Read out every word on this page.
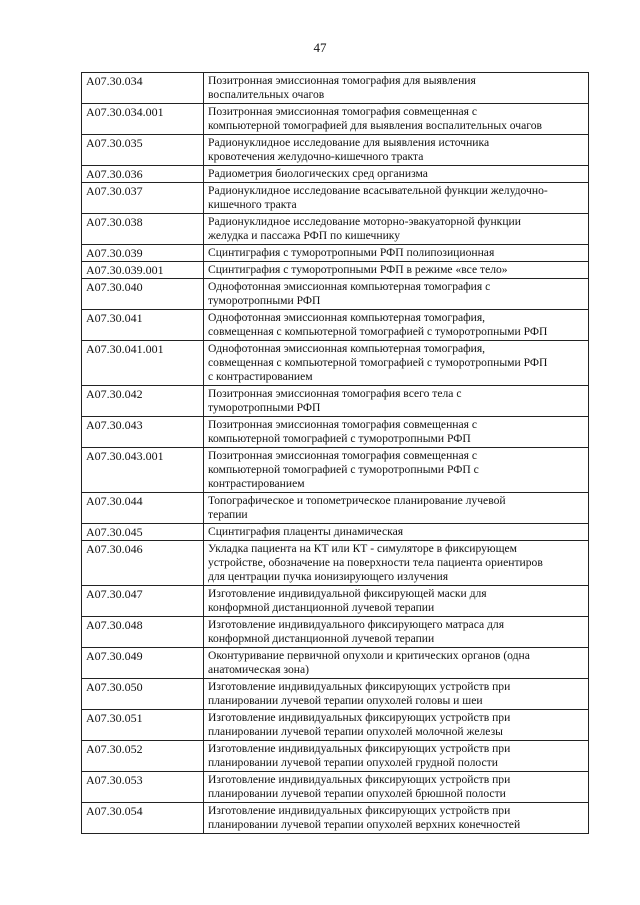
47
A07.30.034	Позитронная эмиссионная томография для выявления
воспалительных очагов
A07.30.034.001	Позитронная эмиссионная томография совмещенная с
компьютерной томографией для выявления воспалительных очагов
A07.30.035	Радионуклидное исследование для выявления источника
кровотечения желудочно-кишечного тракта
A07.30.036	Радиометрия биологических сред организма
A07.30.037	Радионуклидное исследование всасывательной функции желудочно-
кишечного тракта
A07.30.038	Радионуклидное исследование моторно-эвакуаторной функции
желудка и пассажа РФП по кишечнику
A07.30.039	Сцинтиграфия с туморотропными РФП полипозиционная
A07.30.039.001	Сцинтиграфия с туморотропными РФП в режиме «все тело»
A07.30.040	Однофотонная эмиссионная компьютерная томография с
туморотропными РФП
A07.30.041	Однофотонная эмиссионная компьютерная томография,
совмещенная с компьютерной томографией с туморотропными РФП
A07.30.041.001	Однофотонная эмиссионная компьютерная томография,
совмещенная с компьютерной томографией с туморотропными РФП
с контрастированием
A07.30.042	Позитронная эмиссионная томография всего тела с
туморотропными РФП
A07.30.043	Позитронная эмиссионная томография совмещенная с
компьютерной томографией с туморотропными РФП
A07.30.043.001	Позитронная эмиссионная томография совмещенная с
компьютерной томографией с туморотропными РФП с
контрастированием
A07.30.044	Топографическое и топометрическое планирование лучевой
терапии
A07.30.045	Сцинтиграфия плаценты динамическая
A07.30.046	Укладка пациента на КТ или КТ - симуляторе в фиксирующем
устройстве, обозначение на поверхности тела пациента ориентиров
для центрации пучка ионизирующего излучения
A07.30.047	Изготовление индивидуальной фиксирующей маски для
конформной дистанционной лучевой терапии
A07.30.048	Изготовление индивидуального фиксирующего матраса для
конформной дистанционной лучевой терапии
A07.30.049	Оконтуривание первичной опухоли и критических органов (одна
анатомическая зона)
A07.30.050	Изготовление индивидуальных фиксирующих устройств при
планировании лучевой терапии опухолей головы и шеи
A07.30.051	Изготовление индивидуальных фиксирующих устройств при
планировании лучевой терапии опухолей молочной железы
A07.30.052	Изготовление индивидуальных фиксирующих устройств при
планировании лучевой терапии опухолей грудной полости
A07.30.053	Изготовление индивидуальных фиксирующих устройств при
планировании лучевой терапии опухолей брюшной полости
A07.30.054	Изготовление индивидуальных фиксирующих устройств при
планировании лучевой терапии опухолей верхних конечностей
